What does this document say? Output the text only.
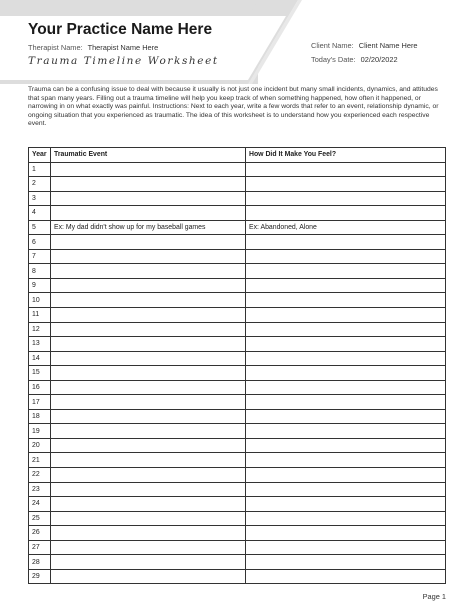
Your Practice Name Here
Therapist Name: Therapist Name Here
Trauma Timeline Worksheet
Client Name: Client Name Here
Today's Date: 02/20/2022
Trauma can be a confusing issue to deal with because it usually is not just one incident but many small incidents, dynamics, and attitudes that span many years. Filling out a trauma timeline will help you keep track of when something happened, how often it happened, or narrowing in on what exactly was painful. Instructions: Next to each year, write a few words that refer to an event, relationship dynamic, or ongoing situation that you experienced as traumatic. The idea of this worksheet is to understand how you experienced each respective event.
Year	Traumatic Event	How Did It Make You Feel?
1		
2		
3		
4		
5	Ex: My dad didn't show up for my baseball games	Ex: Abandoned, Alone
6		
7		
8		
9		
10		
11		
12		
13		
14		
15		
16		
17		
18		
19		
20		
21		
22		
23		
24		
25		
26		
27		
28		
29		
Page 1
